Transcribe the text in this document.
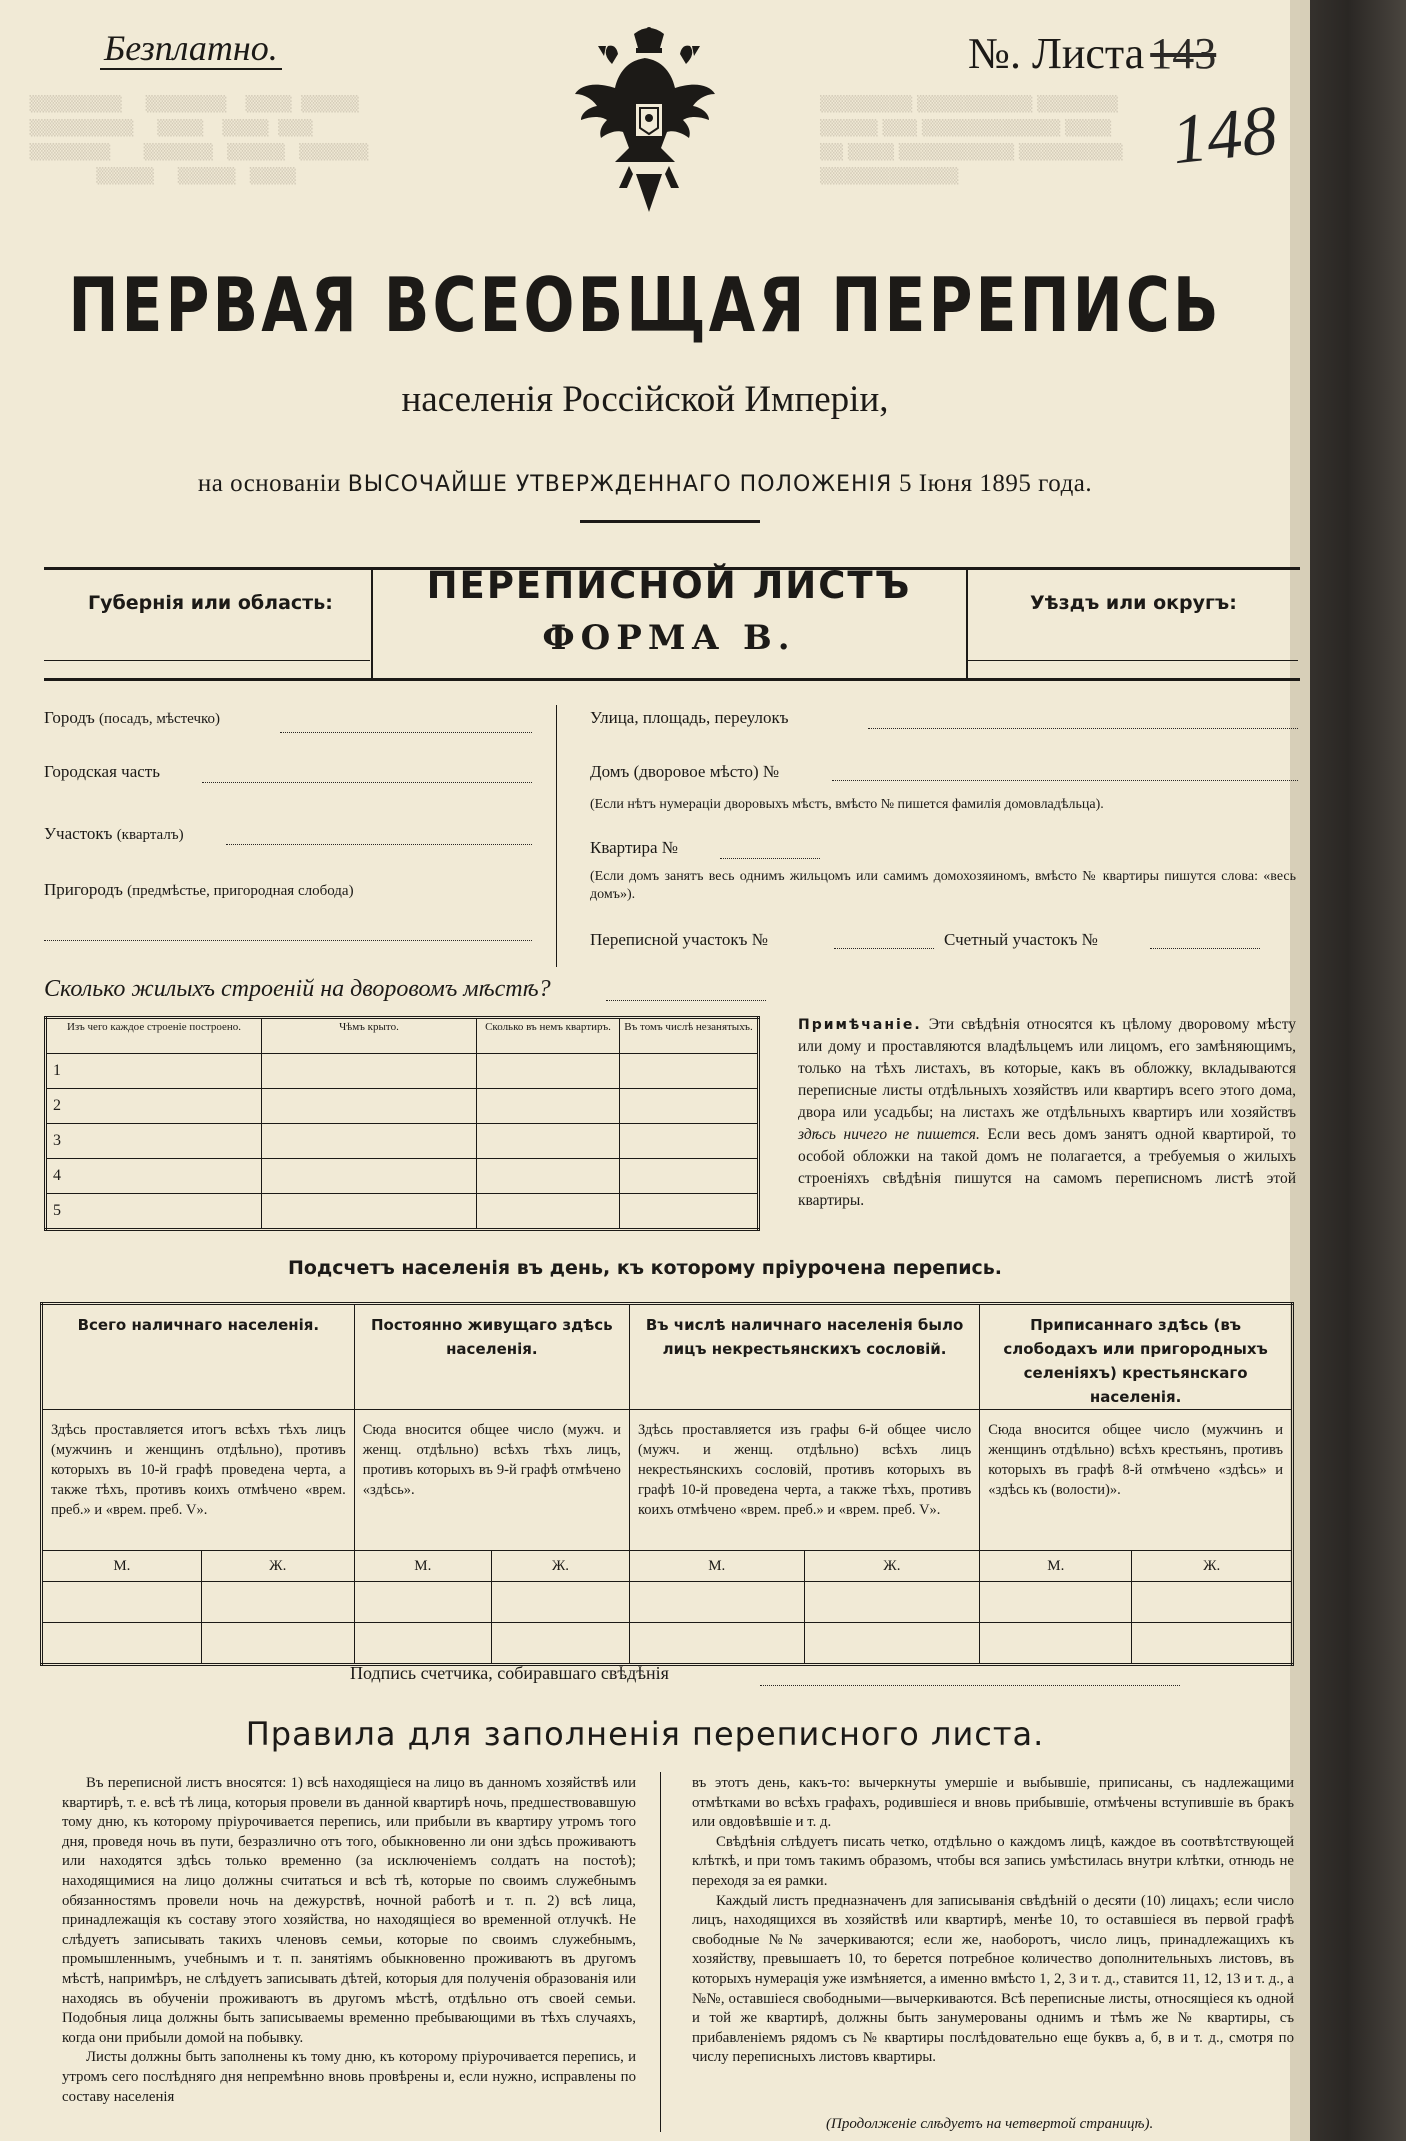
▒▒▒▒▒▒▒▒     ▒▒▒▒▒▒▒    ▒▒▒▒  ▒▒▒▒▒
▒▒▒▒▒▒▒▒▒     ▒▒▒▒    ▒▒▒▒  ▒▒▒
▒▒▒▒▒▒▒       ▒▒▒▒▒▒   ▒▒▒▒▒   ▒▒▒▒▒▒
▒▒▒▒▒     ▒▒▒▒▒   ▒▒▒▒
▒▒▒▒▒▒▒▒ ▒▒▒▒▒▒▒▒▒▒ ▒▒▒▒▒▒▒
▒▒▒▒▒ ▒▒▒ ▒▒▒▒▒▒▒▒▒▒▒▒ ▒▒▒▒
▒▒ ▒▒▒▒ ▒▒▒▒▒▒▒▒▒▒ ▒▒▒▒▒▒▒▒▒
▒▒▒▒▒▒▒▒▒▒▒▒
Безплатно.	№. Листа 143
148
ПЕРВАЯ ВСЕОБЩАЯ ПЕРЕПИСЬ
населенія Россійской Имперіи,
на основаніи ВЫСОЧАЙШЕ УТВЕРЖДЕННАГО ПОЛОЖЕНІЯ 5 Іюня 1895 года.
Губернія или область:	ПЕРЕПИСНОЙ ЛИСТЪ
ФОРМА В.
Уѣздъ или округъ:
Городъ (посадъ, мѣстечко)
Городская часть
Участокъ (кварталъ)
Пригородъ (предмѣстье, пригородная слобода)
Улица, площадь, переулокъ
Домъ (дворовое мѣсто) №
(Если нѣтъ нумераціи дворовыхъ мѣстъ, вмѣсто № пишется фамилія домовладѣльца).
Квартира №
(Если домъ занятъ весь однимъ жильцомъ или самимъ домохозяиномъ, вмѣсто № квартиры пишутся слова: «весь домъ»).
Переписной участокъ №	Счетный участокъ №
Сколько жилыхъ строеній на дворовомъ мѣстѣ?
Изъ чего каждое строеніе построено.	Чѣмъ крыто.	Сколько въ немъ квартиръ.	Въ томъ числѣ незанятыхъ.
1			
2			
3			
4			
5			
Примѣчаніе. Эти свѣдѣнія относятся къ цѣлому дворовому мѣсту или дому и проставляются владѣльцемъ или лицомъ, его замѣняющимъ, только на тѣхъ листахъ, въ которые, какъ въ обложку, вкладываются переписные листы отдѣльныхъ хозяйствъ или квартиръ всего этого дома, двора или усадьбы; на листахъ же отдѣльныхъ квартиръ или хозяйствъ здѣсь ничего не пишется. Если весь домъ занятъ одной квартирой, то особой обложки на такой домъ не полагается, а требуемыя о жилыхъ строеніяхъ свѣдѣнія пишутся на самомъ переписномъ листѣ этой квартиры.
Подсчетъ населенія въ день, къ которому пріурочена перепись.
Всего наличнаго населенія.		Постоянно живущаго здѣсь населенія.		Въ числѣ наличнаго населенія было лицъ некрестьянскихъ сословій.		Приписаннаго здѣсь (въ слободахъ или пригородныхъ селеніяхъ) крестьянскаго населенія.	
Здѣсь проставляется итогъ всѣхъ тѣхъ лицъ (мужчинъ и женщинъ отдѣльно), противъ которыхъ въ 10-й графѣ проведена черта, а также тѣхъ, противъ коихъ отмѣчено «врем. преб.» и «врем. преб. V».		Сюда вносится общее число (мужч. и женщ. отдѣльно) всѣхъ тѣхъ лицъ, противъ которыхъ въ 9-й графѣ отмѣчено «здѣсь».		Здѣсь проставляется изъ графы 6-й общее число (мужч. и женщ. отдѣльно) всѣхъ лицъ некрестьянскихъ сословій, противъ которыхъ въ графѣ 10-й проведена черта, а также тѣхъ, противъ коихъ отмѣчено «врем. преб.» и «врем. преб. V».		Сюда вносится общее число (мужчинъ и женщинъ отдѣльно) всѣхъ крестьянъ, противъ которыхъ въ графѣ 8-й отмѣчено «здѣсь» и «здѣсь къ (волости)».	
М.	Ж.	М.	Ж.	М.	Ж.	М.	Ж.

Подпись счетчика, собиравшаго свѣдѣнія
Правила для заполненія переписного листа.

Въ переписной листъ вносятся: 1) всѣ находящіеся на лицо въ данномъ хозяйствѣ или квартирѣ, т. е. всѣ тѣ лица, которыя провели въ данной квартирѣ ночь, предшествовавшую тому дню, къ которому пріурочивается перепись, или прибыли въ квартиру утромъ того дня, проведя ночь въ пути, безразлично отъ того, обыкновенно ли они здѣсь проживаютъ или находятся здѣсь только временно (за исключеніемъ солдатъ на постоѣ); находящимися на лицо должны считаться и всѣ тѣ, которые по своимъ служебнымъ обязанностямъ провели ночь на дежурствѣ, ночной работѣ и т. п. 2) всѣ лица, принадлежащія къ составу этого хозяйства, но находящіеся во временной отлучкѣ. Не слѣдуетъ записывать такихъ членовъ семьи, которые по своимъ служебнымъ, промышленнымъ, учебнымъ и т. п. занятіямъ обыкновенно проживаютъ въ другомъ мѣстѣ, напримѣръ, не слѣдуетъ записывать дѣтей, которыя для полученія образованія или находясь въ обученіи проживаютъ въ другомъ мѣстѣ, отдѣльно отъ своей семьи. Подобныя лица должны быть записываемы временно пребывающими въ тѣхъ случаяхъ, когда они прибыли домой на побывку.

Листы должны быть заполнены къ тому дню, къ которому пріурочивается перепись, и утромъ сего послѣдняго дня непремѣнно вновь провѣрены и, если нужно, исправлены по составу населенія

въ этотъ день, какъ-то: вычеркнуты умершіе и выбывшіе, приписаны, съ надлежащими отмѣтками во всѣхъ графахъ, родившіеся и вновь прибывшіе, отмѣчены вступившіе въ бракъ или овдовѣвшіе и т. д.

Свѣдѣнія слѣдуетъ писать четко, отдѣльно о каждомъ лицѣ, каждое въ соотвѣтствующей клѣткѣ, и при томъ такимъ образомъ, чтобы вся запись умѣстилась внутри клѣтки, отнюдь не переходя за ея рамки.

Каждый листъ предназначенъ для записыванія свѣдѣній о десяти (10) лицахъ; если число лицъ, находящихся въ хозяйствѣ или квартирѣ, менѣе 10, то оставшіеся въ первой графѣ свободные №№ зачеркиваются; если же, наоборотъ, число лицъ, принадлежащихъ къ хозяйству, превышаетъ 10, то берется потребное количество дополнительныхъ листовъ, въ которыхъ нумерація уже измѣняется, а именно вмѣсто 1, 2, 3 и т. д., ставится 11, 12, 13 и т. д., а №№, оставшіеся свободными—вычеркиваются. Всѣ переписные листы, относящіеся къ одной и той же квартирѣ, должны быть занумерованы однимъ и тѣмъ же № квартиры, съ прибавленіемъ рядомъ съ № квартиры послѣдовательно еще буквъ а, б, в и т. д., смотря по числу переписныхъ листовъ квартиры.

(Продолженіе слѣдуетъ на четвертой страницѣ).
